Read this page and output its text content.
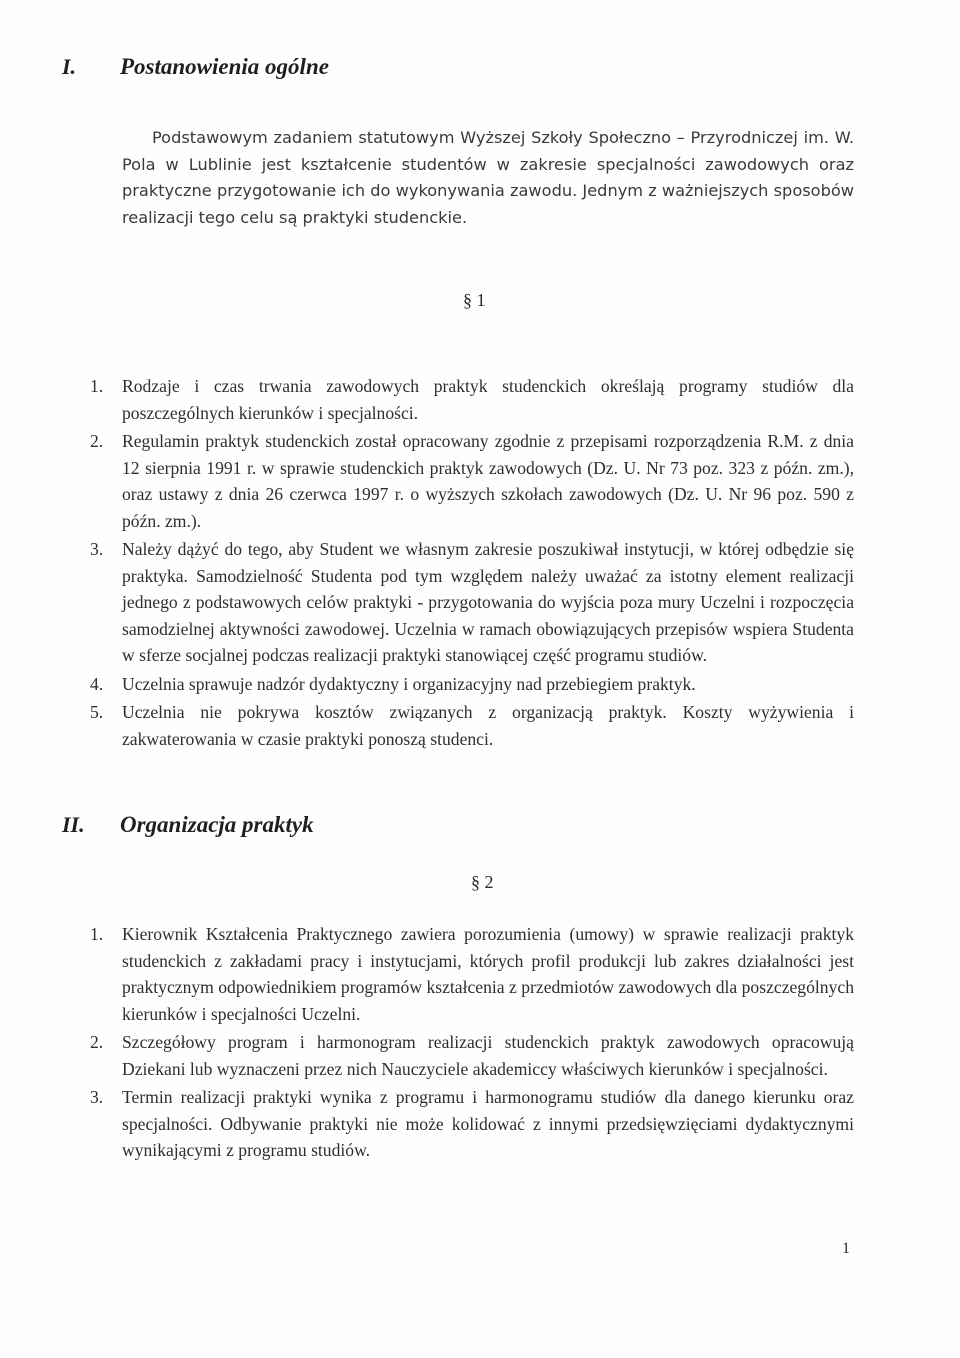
I.	Postanowienia ogólne
Podstawowym zadaniem statutowym Wyższej Szkoły Społeczno – Przyrodniczej im. W. Pola w Lublinie jest kształcenie studentów w zakresie specjalności zawodowych oraz praktyczne przygotowanie ich do wykonywania zawodu. Jednym z ważniejszych sposobów realizacji tego celu są praktyki studenckie.
§ 1
1.	Rodzaje i czas trwania zawodowych praktyk studenckich określają programy studiów dla poszczególnych kierunków i specjalności.
2.	Regulamin praktyk studenckich został opracowany zgodnie z przepisami rozporządzenia R.M. z dnia 12 sierpnia 1991 r. w sprawie studenckich praktyk zawodowych (Dz. U. Nr 73 poz. 323 z późn. zm.), oraz ustawy z dnia 26 czerwca 1997 r. o wyższych szkołach zawodowych (Dz. U. Nr 96 poz. 590 z późn. zm.).
3.	Należy dążyć do tego, aby Student we własnym zakresie poszukiwał instytucji, w której odbędzie się praktyka. Samodzielność Studenta pod tym względem należy uważać za istotny element realizacji jednego z podstawowych celów praktyki - przygotowania do wyjścia poza mury Uczelni i rozpoczęcia samodzielnej aktywności zawodowej. Uczelnia w ramach obowiązujących przepisów wspiera Studenta w sferze socjalnej podczas realizacji praktyki stanowiącej część programu studiów.
4.	Uczelnia sprawuje nadzór dydaktyczny i organizacyjny nad przebiegiem praktyk.
5.	Uczelnia nie pokrywa kosztów związanych z organizacją praktyk. Koszty wyżywienia i zakwaterowania w czasie praktyki ponoszą studenci.
II.	Organizacja praktyk
§ 2
1.	Kierownik Kształcenia Praktycznego zawiera porozumienia (umowy) w sprawie realizacji praktyk studenckich z zakładami pracy i instytucjami, których profil produkcji lub zakres działalności jest praktycznym odpowiednikiem programów kształcenia z przedmiotów zawodowych dla poszczególnych kierunków i specjalności Uczelni.
2.	Szczegółowy program i harmonogram realizacji studenckich praktyk zawodowych opracowują Dziekani lub wyznaczeni przez nich Nauczyciele akademiccy właściwych kierunków i specjalności.
3.	Termin realizacji praktyki wynika z programu i harmonogramu studiów dla danego kierunku oraz specjalności. Odbywanie praktyki nie może kolidować z innymi przedsięwzięciami dydaktycznymi wynikającymi z programu studiów.
1
